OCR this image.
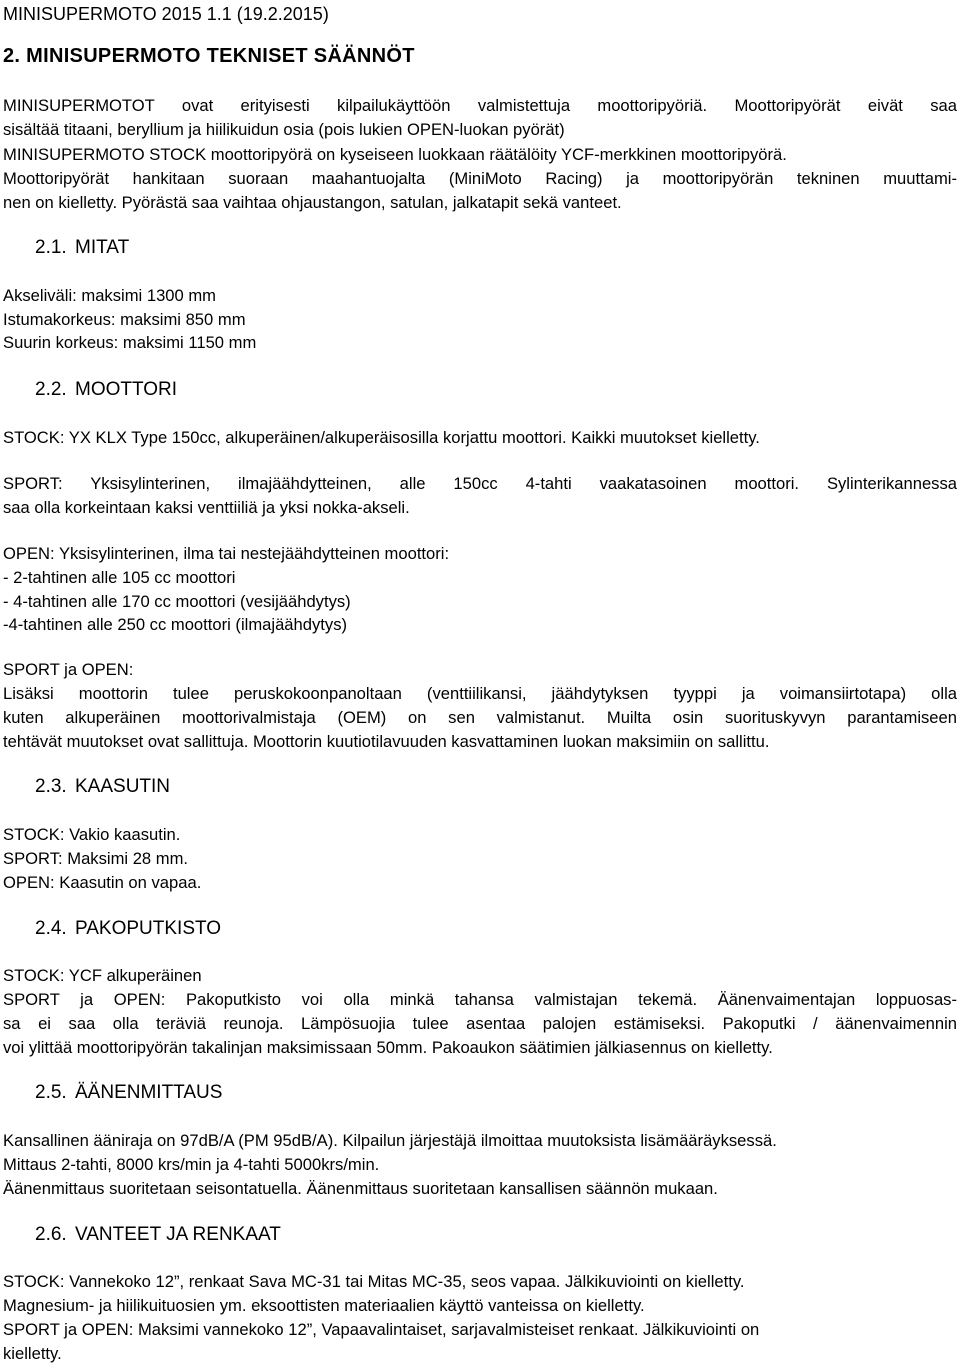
MINISUPERMOTO 2015 1.1 (19.2.2015)
2. MINISUPERMOTO TEKNISET SÄÄNNÖT
MINISUPERMOTOT ovat erityisesti kilpailukäyttöön valmistettuja moottoripyöriä. Moottoripyörät eivät saa
sisältää titaani, beryllium ja hiilikuidun osia (pois lukien OPEN-luokan pyörät)
MINISUPERMOTO STOCK moottoripyörä on kyseiseen luokkaan räätälöity YCF-merkkinen moottoripyörä.
Moottoripyörät hankitaan suoraan maahantuojalta (MiniMoto Racing) ja moottoripyörän tekninen muuttami-
nen on kielletty. Pyörästä saa vaihtaa ohjaustangon, satulan, jalkatapit sekä vanteet.
2.1. MITAT
Akseliväli: maksimi 1300 mm
Istumakorkeus: maksimi 850 mm
Suurin korkeus: maksimi 1150 mm
2.2. MOOTTORI
STOCK: YX KLX Type 150cc, alkuperäinen/alkuperäisosilla korjattu moottori. Kaikki muutokset kielletty.
SPORT: Yksisylinterinen, ilmajäähdytteinen, alle 150cc 4-tahti vaakatasoinen moottori. Sylinterikannessa
saa olla korkeintaan kaksi venttiiliä ja yksi nokka-akseli.
OPEN: Yksisylinterinen, ilma tai nestejäähdytteinen moottori:
- 2-tahtinen alle 105 cc moottori
- 4-tahtinen alle 170 cc moottori (vesijäähdytys)
-4-tahtinen alle 250 cc moottori (ilmajäähdytys)
SPORT ja OPEN:
Lisäksi moottorin tulee peruskokoonpanoltaan (venttiilikansi, jäähdytyksen tyyppi ja voimansiirtotapa) olla
kuten alkuperäinen moottorivalmistaja (OEM) on sen valmistanut. Muilta osin suorituskyvyn parantamiseen
tehtävät muutokset ovat sallittuja. Moottorin kuutiotilavuuden kasvattaminen luokan maksimiin on sallittu.
2.3. KAASUTIN
STOCK: Vakio kaasutin.
SPORT: Maksimi 28 mm.
OPEN: Kaasutin on vapaa.
2.4. PAKOPUTKISTO
STOCK: YCF alkuperäinen
SPORT ja OPEN: Pakoputkisto voi olla minkä tahansa valmistajan tekemä. Äänenvaimentajan loppuosas-
sa ei saa olla teräviä reunoja. Lämpösuojia tulee asentaa palojen estämiseksi. Pakoputki / äänenvaimennin
voi ylittää moottoripyörän takalinjan maksimissaan 50mm. Pakoaukon säätimien jälkiasennus on kielletty.
2.5. ÄÄNENMITTAUS
Kansallinen ääniraja on 97dB/A (PM 95dB/A). Kilpailun järjestäjä ilmoittaa muutoksista lisämääräyksessä.
Mittaus 2-tahti, 8000 krs/min ja 4-tahti 5000krs/min.
Äänenmittaus suoritetaan seisontatuella. Äänenmittaus suoritetaan kansallisen säännön mukaan.
2.6. VANTEET JA RENKAAT
STOCK: Vannekoko 12”, renkaat Sava MC-31 tai Mitas MC-35, seos vapaa. Jälkikuviointi on kielletty.
Magnesium- ja hiilikuituosien ym. eksoottisten materiaalien käyttö vanteissa on kielletty.
SPORT ja OPEN: Maksimi vannekoko 12”, Vapaavalintaiset, sarjavalmisteiset renkaat. Jälkikuviointi on
kielletty.
